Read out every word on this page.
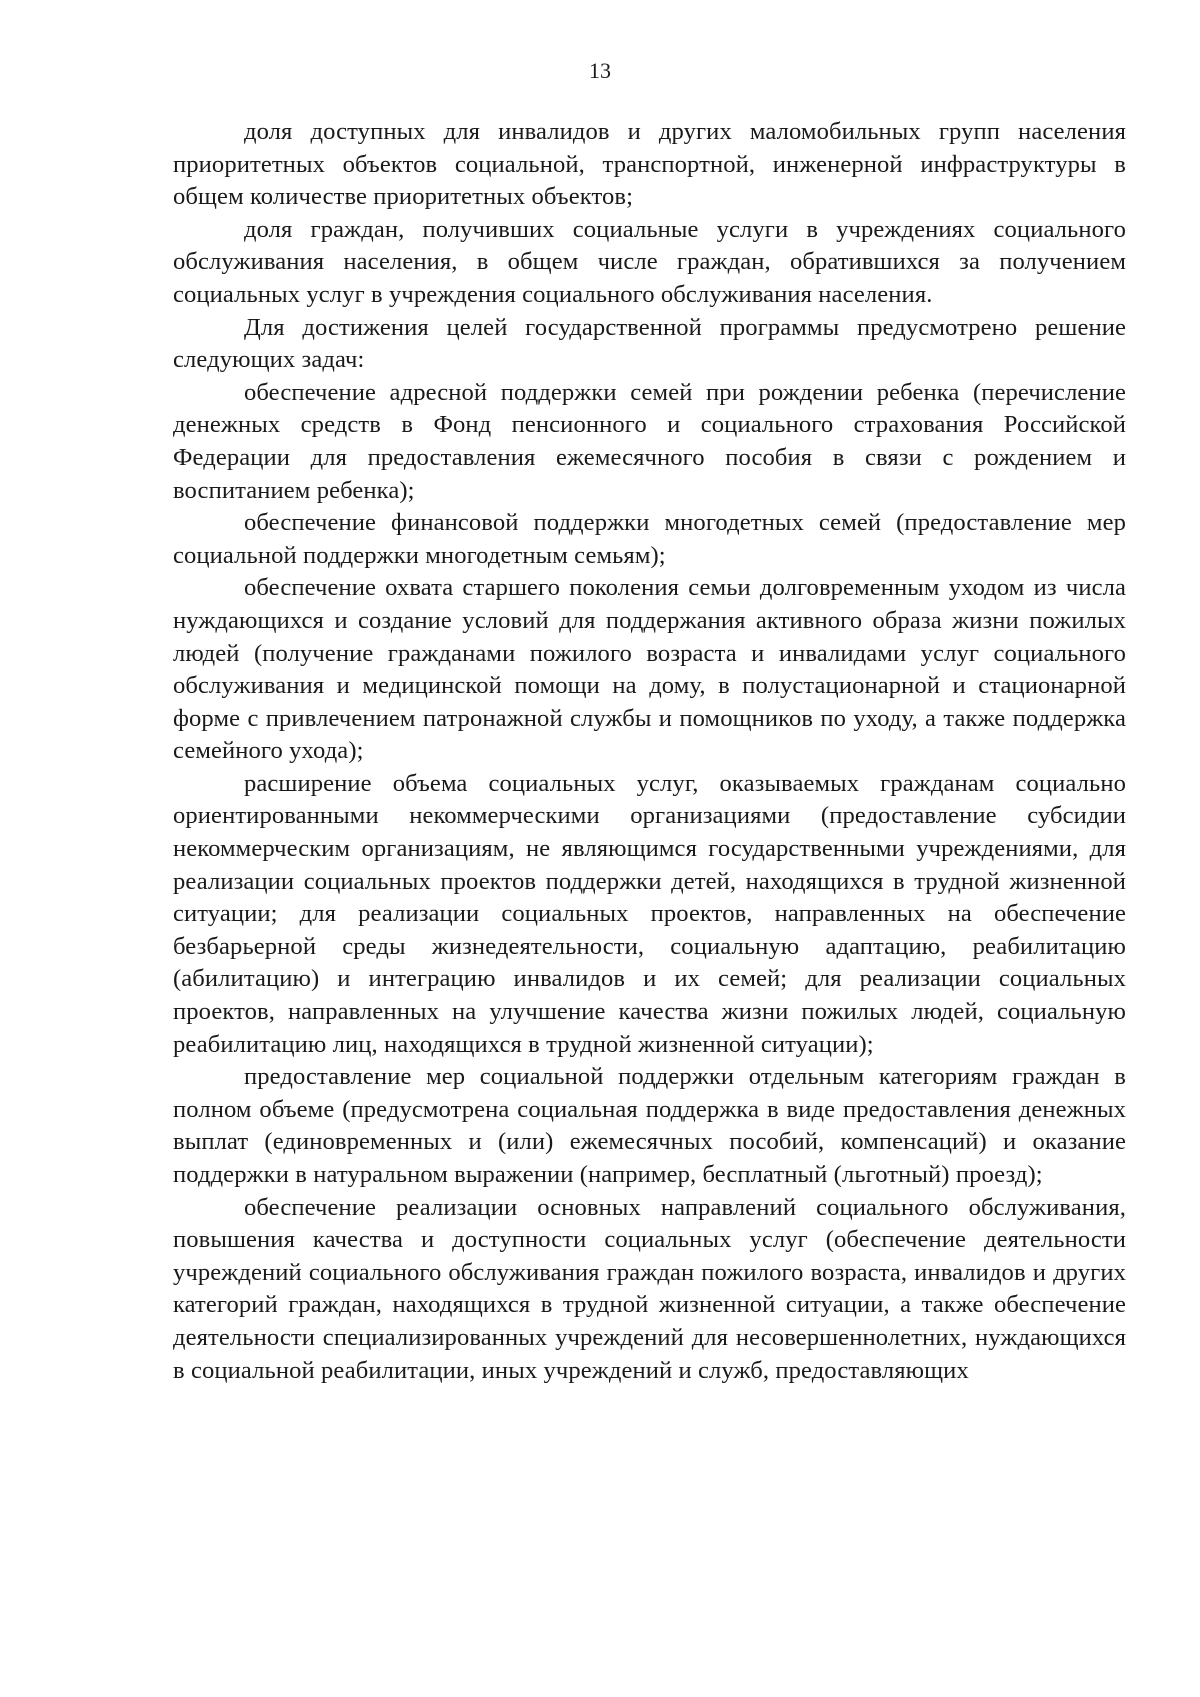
13

доля доступных для инвалидов и других маломобильных групп населения приоритетных объектов социальной, транспортной, инженерной инфраструктуры в общем количестве приоритетных объектов;

доля граждан, получивших социальные услуги в учреждениях социального обслуживания населения, в общем числе граждан, обратившихся за получением социальных услуг в учреждения социального обслуживания населения.

Для достижения целей государственной программы предусмотрено решение следующих задач:

обеспечение адресной поддержки семей при рождении ребенка (перечисление денежных средств в Фонд пенсионного и социального страхования Российской Федерации для предоставления ежемесячного пособия в связи с рождением и воспитанием ребенка);

обеспечение финансовой поддержки многодетных семей (предоставление мер социальной поддержки многодетным семьям);

обеспечение охвата старшего поколения семьи долговременным уходом из числа нуждающихся и создание условий для поддержания активного образа жизни пожилых людей (получение гражданами пожилого возраста и инвалидами услуг социального обслуживания и медицинской помощи на дому, в полустационарной и стационарной форме с привлечением патронажной службы и помощников по уходу, а также поддержка семейного ухода);

расширение объема социальных услуг, оказываемых гражданам социально ориентированными некоммерческими организациями (предоставление субсидии некоммерческим организациям, не являющимся государственными учреждениями, для реализации социальных проектов поддержки детей, находящихся в трудной жизненной ситуации; для реализации социальных проектов, направленных на обеспечение безбарьерной среды жизнедеятельности, социальную адаптацию, реабилитацию (абилитацию) и интеграцию инвалидов и их семей; для реализации социальных проектов, направленных на улучшение качества жизни пожилых людей, социальную реабилитацию лиц, находящихся в трудной жизненной ситуации);

предоставление мер социальной поддержки отдельным категориям граждан в полном объеме (предусмотрена социальная поддержка в виде предоставления денежных выплат (единовременных и (или) ежемесячных пособий, компенсаций) и оказание поддержки в натуральном выражении (например, бесплатный (льготный) проезд);

обеспечение реализации основных направлений социального обслуживания, повышения качества и доступности социальных услуг (обеспечение деятельности учреждений социального обслуживания граждан пожилого возраста, инвалидов и других категорий граждан, находящихся в трудной жизненной ситуации, а также обеспечение деятельности специализированных учреждений для несовершеннолетних, нуждающихся в социальной реабилитации, иных учреждений и служб, предоставляющих
